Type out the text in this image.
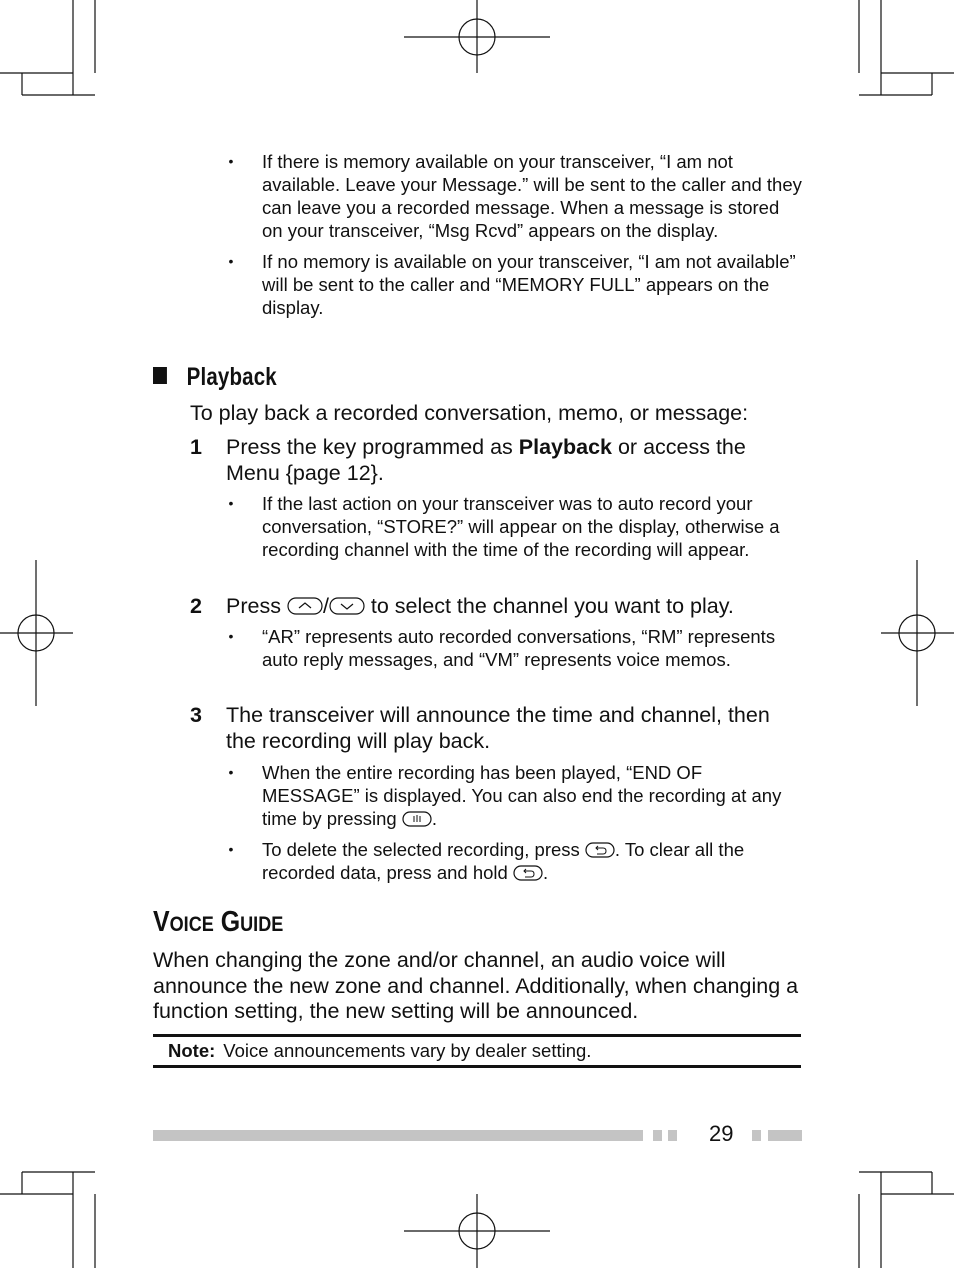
• If there is memory available on your transceiver, “I am not available. Leave your Message.” will be sent to the caller and they can leave you a recorded message. When a message is stored on your transceiver, “Msg Rcvd” appears on the display.
• If no memory is available on your transceiver, “I am not available” will be sent to the caller and “MEMORY FULL” appears on the display.
Playback
To play back a recorded conversation, memo, or message:
1	Press the key programmed as Playback or access the Menu {page 12}.
• If the last action on your transceiver was to auto record your conversation, “STORE?” will appear on the display, otherwise a recording channel with the time of the recording will appear.
2	Press / to select the channel you want to play.
• “AR” represents auto recorded conversations, “RM” represents auto reply messages, and “VM” represents voice memos.
3	The transceiver will announce the time and channel, then the recording will play back.
• When the entire recording has been played, “END OF MESSAGE” is displayed. You can also end the recording at any time by pressing .
• To delete the selected recording, press . To clear all the recorded data, press and hold .
VOICE GUIDE
When changing the zone and/or channel, an audio voice will announce the new zone and channel. Additionally, when changing a function setting, the new setting will be announced.
Note: Voice announcements vary by dealer setting.
29
